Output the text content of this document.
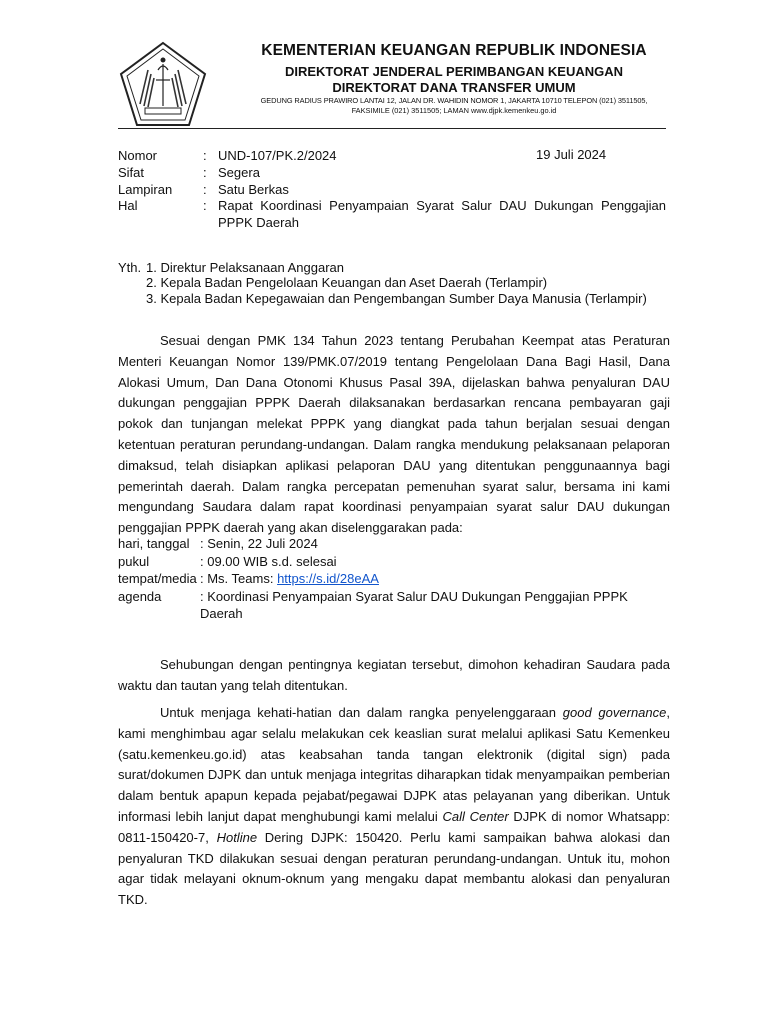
KEMENTERIAN KEUANGAN REPUBLIK INDONESIA
DIREKTORAT JENDERAL PERIMBANGAN KEUANGAN
DIREKTORAT DANA TRANSFER UMUM
GEDUNG RADIUS PRAWIRO LANTAI 12, JALAN DR. WAHIDIN NOMOR 1, JAKARTA 10710 TELEPON (021) 3511505,
FAKSIMILE (021) 3511505; LAMAN www.djpk.kemenkeu.go.id
Nomor	: UND-107/PK.2/2024	19 Juli 2024
Sifat	: Segera
Lampiran : Satu Berkas
Hal	: Rapat Koordinasi Penyampaian Syarat Salur DAU Dukungan Penggajian PPPK Daerah
Yth. 1. Direktur Pelaksanaan Anggaran
2. Kepala Badan Pengelolaan Keuangan dan Aset Daerah (Terlampir)
3. Kepala Badan Kepegawaian dan Pengembangan Sumber Daya Manusia (Terlampir)
Sesuai dengan PMK 134 Tahun 2023 tentang Perubahan Keempat atas Peraturan Menteri Keuangan Nomor 139/PMK.07/2019 tentang Pengelolaan Dana Bagi Hasil, Dana Alokasi Umum, Dan Dana Otonomi Khusus Pasal 39A, dijelaskan bahwa penyaluran DAU dukungan penggajian PPPK Daerah dilaksanakan berdasarkan rencana pembayaran gaji pokok dan tunjangan melekat PPPK yang diangkat pada tahun berjalan sesuai dengan ketentuan peraturan perundang-undangan. Dalam rangka mendukung pelaksanaan pelaporan dimaksud, telah disiapkan aplikasi pelaporan DAU yang ditentukan penggunaannya bagi pemerintah daerah. Dalam rangka percepatan pemenuhan syarat salur, bersama ini kami mengundang Saudara dalam rapat koordinasi penyampaian syarat salur DAU dukungan penggajian PPPK daerah yang akan diselenggarakan pada:
hari, tanggal : Senin, 22 Juli 2024
pukul	: 09.00 WIB s.d. selesai
tempat/media : Ms. Teams: https://s.id/28eAA
agenda	: Koordinasi Penyampaian Syarat Salur DAU Dukungan Penggajian PPPK Daerah
Sehubungan dengan pentingnya kegiatan tersebut, dimohon kehadiran Saudara pada waktu dan tautan yang telah ditentukan.
Untuk menjaga kehati-hatian dan dalam rangka penyelenggaraan good governance, kami menghimbau agar selalu melakukan cek keaslian surat melalui aplikasi Satu Kemenkeu (satu.kemenkeu.go.id) atas keabsahan tanda tangan elektronik (digital sign) pada surat/dokumen DJPK dan untuk menjaga integritas diharapkan tidak menyampaikan pemberian dalam bentuk apapun kepada pejabat/pegawai DJPK atas pelayanan yang diberikan. Untuk informasi lebih lanjut dapat menghubungi kami melalui Call Center DJPK di nomor Whatsapp: 0811-150420-7, Hotline Dering DJPK: 150420. Perlu kami sampaikan bahwa alokasi dan penyaluran TKD dilakukan sesuai dengan peraturan perundang-undangan. Untuk itu, mohon agar tidak melayani oknum-oknum yang mengaku dapat membantu alokasi dan penyaluran TKD.
